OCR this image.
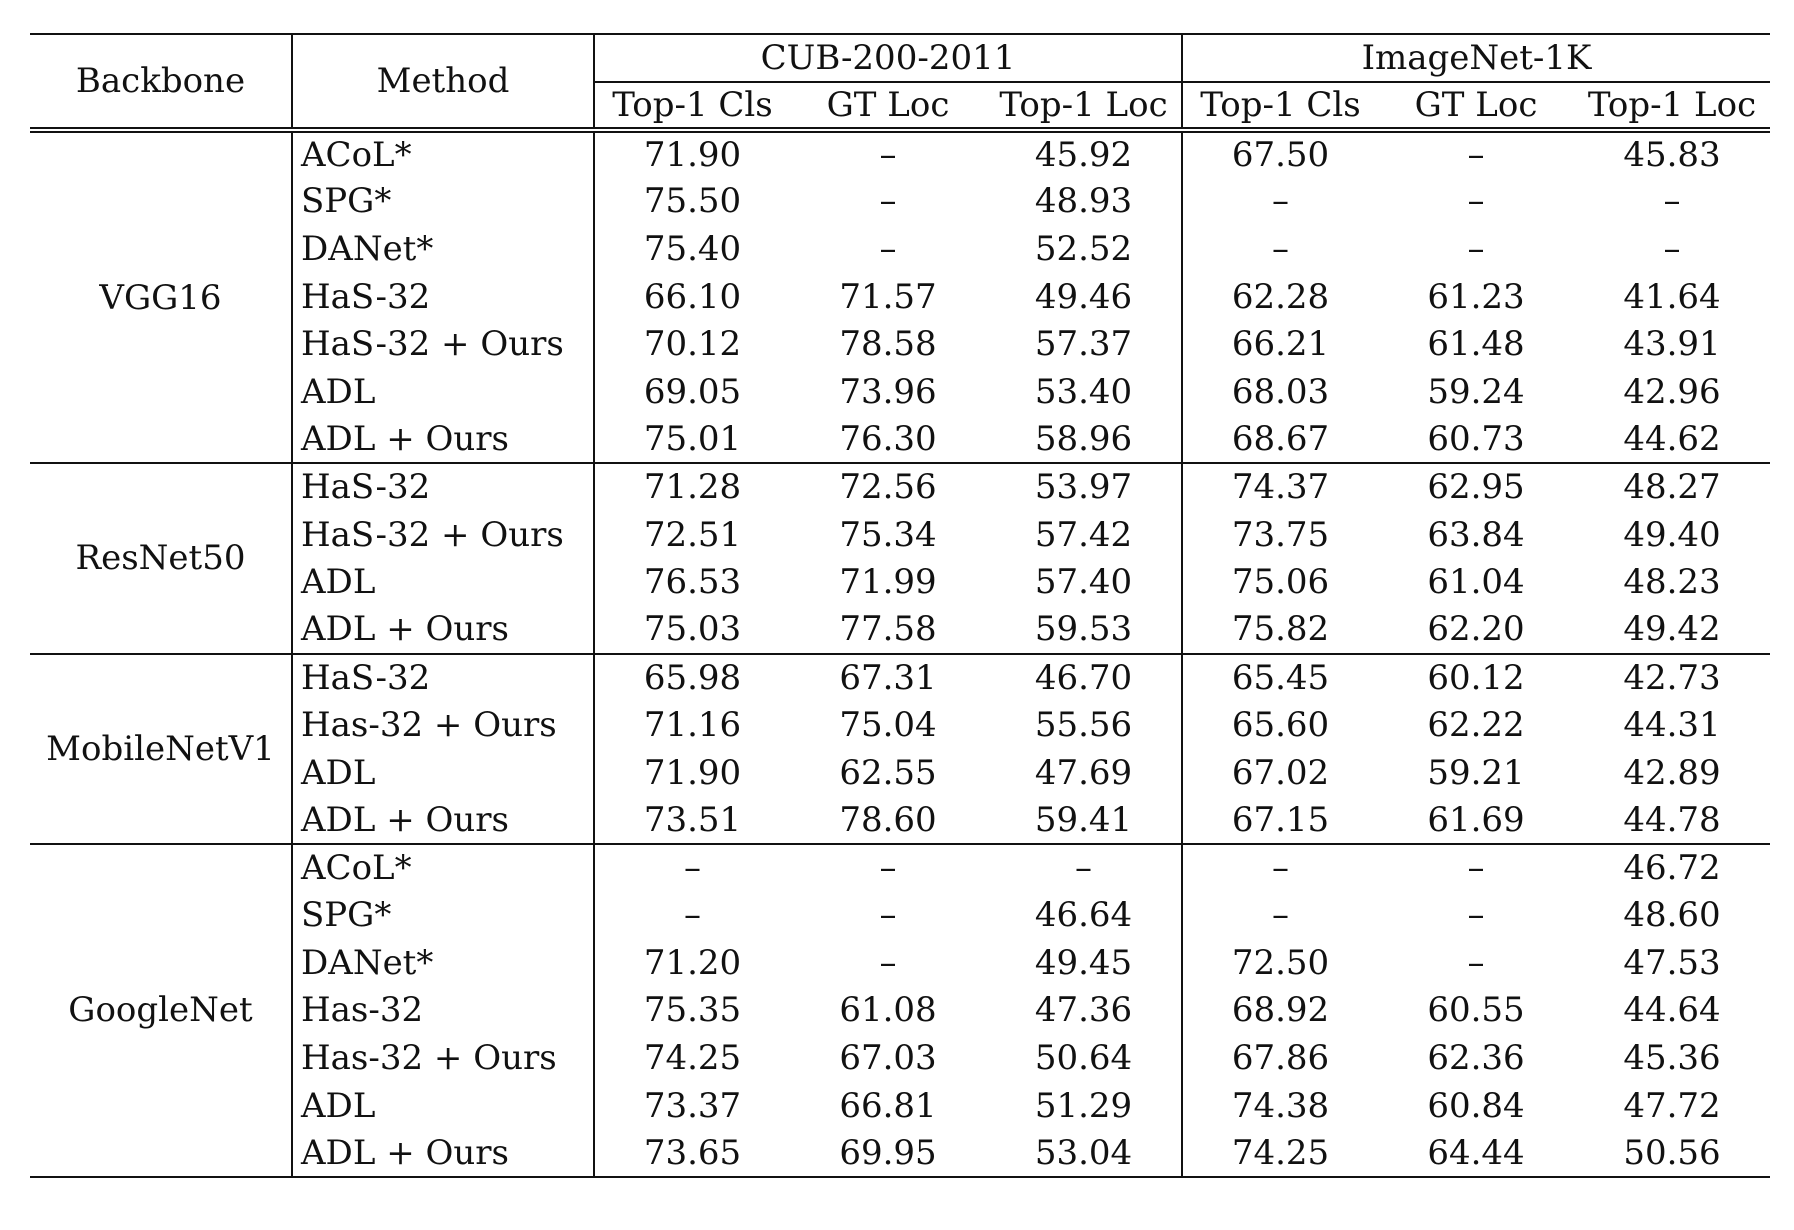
Backbone	Method	CUB-200-2011			ImageNet-1K		
		Top-1 Cls	GT Loc	Top-1 Loc	Top-1 Cls	GT Loc	Top-1 Loc
VGG16	ACoL*	71.90	–	45.92	67.50	–	45.83
	SPG*	75.50	–	48.93	–	–	–
	DANet*	75.40	–	52.52	–	–	–
	HaS-32	66.10	71.57	49.46	62.28	61.23	41.64
	HaS-32 + Ours	70.12	78.58	57.37	66.21	61.48	43.91
	ADL	69.05	73.96	53.40	68.03	59.24	42.96
	ADL + Ours	75.01	76.30	58.96	68.67	60.73	44.62
ResNet50	HaS-32	71.28	72.56	53.97	74.37	62.95	48.27
	HaS-32 + Ours	72.51	75.34	57.42	73.75	63.84	49.40
	ADL	76.53	71.99	57.40	75.06	61.04	48.23
	ADL + Ours	75.03	77.58	59.53	75.82	62.20	49.42
MobileNetV1	HaS-32	65.98	67.31	46.70	65.45	60.12	42.73
	Has-32 + Ours	71.16	75.04	55.56	65.60	62.22	44.31
	ADL	71.90	62.55	47.69	67.02	59.21	42.89
	ADL + Ours	73.51	78.60	59.41	67.15	61.69	44.78
GoogleNet	ACoL*	–	–	–	–	–	46.72
	SPG*	–	–	46.64	–	–	48.60
	DANet*	71.20	–	49.45	72.50	–	47.53
	Has-32	75.35	61.08	47.36	68.92	60.55	44.64
	Has-32 + Ours	74.25	67.03	50.64	67.86	62.36	45.36
	ADL	73.37	66.81	51.29	74.38	60.84	47.72
	ADL + Ours	73.65	69.95	53.04	74.25	64.44	50.56
